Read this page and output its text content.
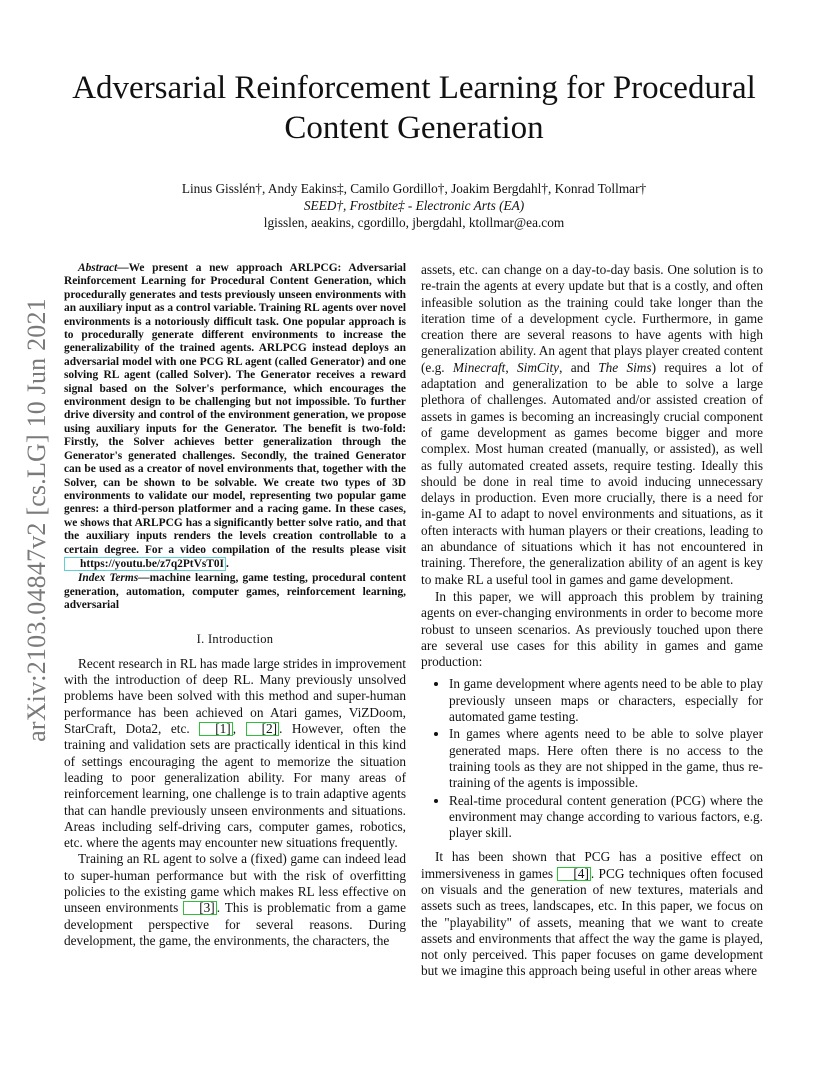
arXiv:2103.04847v2 [cs.LG] 10 Jun 2021
Adversarial Reinforcement Learning for Procedural
Content Generation
Linus Gisslén†, Andy Eakins‡, Camilo Gordillo†, Joakim Bergdahl†, Konrad Tollmar†
SEED†, Frostbite‡ - Electronic Arts (EA)
lgisslen, aeakins, cgordillo, jbergdahl, ktollmar@ea.com

Abstract—We present a new approach ARLPCG: Adversarial Reinforcement Learning for Procedural Content Generation, which procedurally generates and tests previously unseen environments with an auxiliary input as a control variable. Training RL agents over novel environments is a notoriously difficult task. One popular approach is to procedurally generate different environments to increase the generalizability of the trained agents. ARLPCG instead deploys an adversarial model with one PCG RL agent (called Generator) and one solving RL agent (called Solver). The Generator receives a reward signal based on the Solver's performance, which encourages the environment design to be challenging but not impossible. To further drive diversity and control of the environment generation, we propose using auxiliary inputs for the Generator. The benefit is two-fold: Firstly, the Solver achieves better generalization through the Generator's generated challenges. Secondly, the trained Generator can be used as a creator of novel environments that, together with the Solver, can be shown to be solvable. We create two types of 3D environments to validate our model, representing two popular game genres: a third-person platformer and a racing game. In these cases, we shows that ARLPCG has a significantly better solve ratio, and that the auxiliary inputs renders the levels creation controllable to a certain degree. For a video compilation of the results please visit https://youtu.be/z7q2PtVsT0I .

Index Terms—machine learning, game testing, procedural content generation, automation, computer games, reinforcement learning, adversarial

I. Introduction

Recent research in RL has made large strides in improvement with the introduction of deep RL. Many previously unsolved problems have been solved with this method and super-human performance has been achieved on Atari games, ViZDoom, StarCraft, Dota2, etc. [1] , [2] . However, often the training and validation sets are practically identical in this kind of settings encouraging the agent to memorize the situation leading to poor generalization ability. For many areas of reinforcement learning, one challenge is to train adaptive agents that can handle previously unseen environments and situations. Areas including self-driving cars, computer games, robotics, etc. where the agents may encounter new situations frequently.

Training an RL agent to solve a (fixed) game can indeed lead to super-human performance but with the risk of overfitting policies to the existing game which makes RL less effective on unseen environments [3] . This is problematic from a game development perspective for several reasons. During development, the game, the environments, the characters, the

assets, etc. can change on a day-to-day basis. One solution is to re-train the agents at every update but that is a costly, and often infeasible solution as the training could take longer than the iteration time of a development cycle. Furthermore, in game creation there are several reasons to have agents with high generalization ability. An agent that plays player created content (e.g. Minecraft, SimCity, and The Sims) requires a lot of adaptation and generalization to be able to solve a large plethora of challenges. Automated and/or assisted creation of assets in games is becoming an increasingly crucial component of game development as games become bigger and more complex. Most human created (manually, or assisted), as well as fully automated created assets, require testing. Ideally this should be done in real time to avoid inducing unnecessary delays in production. Even more crucially, there is a need for in-game AI to adapt to novel environments and situations, as it often interacts with human players or their creations, leading to an abundance of situations which it has not encountered in training. Therefore, the generalization ability of an agent is key to make RL a useful tool in games and game development.

In this paper, we will approach this problem by training agents on ever-changing environments in order to become more robust to unseen scenarios. As previously touched upon there are several use cases for this ability in games and game production:

• In game development where agents need to be able to play previously unseen maps or characters, especially for automated game testing.
• In games where agents need to be able to solve player generated maps. Here often there is no access to the training tools as they are not shipped in the game, thus re-training of the agents is impossible.
• Real-time procedural content generation (PCG) where the environment may change according to various factors, e.g. player skill.

It has been shown that PCG has a positive effect on immersiveness in games [4] . PCG techniques often focused on visuals and the generation of new textures, materials and assets such as trees, landscapes, etc. In this paper, we focus on the "playability" of assets, meaning that we want to create assets and environments that affect the way the game is played, not only perceived. This paper focuses on game development but we imagine this approach being useful in other areas where
